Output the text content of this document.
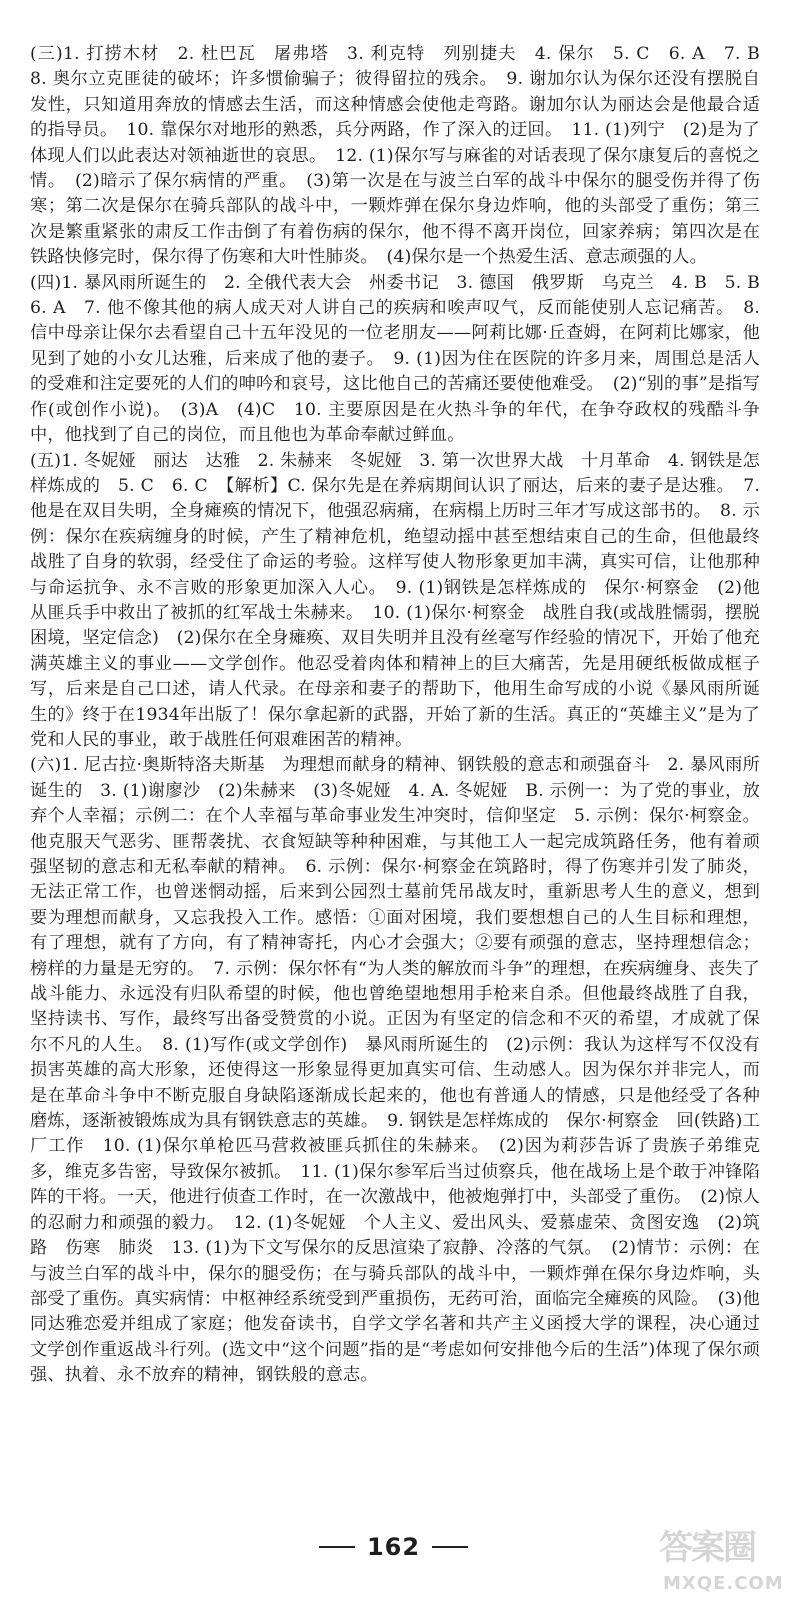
(三)1. 打捞木材　2. 杜巴瓦　屠弗塔　3. 利克特　列别捷夫　4. 保尔　5. C　6. A　7. B　8. 奥尔立克匪徒的破坏；许多惯偷骗子；彼得留拉的残余。　9. 谢加尔认为保尔还没有摆脱自发性，只知道用奔放的情感去生活，而这种情感会使他走弯路。谢加尔认为丽达会是他最合适的指导员。　10. 靠保尔对地形的熟悉，兵分两路，作了深入的迂回。　11. (1)列宁　(2)是为了体现人们以此表达对领袖逝世的哀思。　12. (1)保尔写与麻雀的对话表现了保尔康复后的喜悦之情。　(2)暗示了保尔病情的严重。　(3)第一次是在与波兰白军的战斗中保尔的腿受伤并得了伤寒；第二次是保尔在骑兵部队的战斗中，一颗炸弹在保尔身边炸响，他的头部受了重伤；第三次是繁重紧张的肃反工作击倒了有着伤病的保尔，他不得不离开岗位，回家养病；第四次是在铁路快修完时，保尔得了伤寒和大叶性肺炎。　(4)保尔是一个热爱生活、意志顽强的人。

(四)1. 暴风雨所诞生的　2. 全俄代表大会　州委书记　3. 德国　俄罗斯　乌克兰　4. B　5. B　6. A　7. 他不像其他的病人成天对人讲自己的疾病和唉声叹气，反而能使别人忘记痛苦。　8. 信中母亲让保尔去看望自己十五年没见的一位老朋友——阿莉比娜·丘查姆，在阿莉比娜家，他见到了她的小女儿达雅，后来成了他的妻子。　9. (1)因为住在医院的许多月来，周围总是活人的受难和注定要死的人们的呻吟和哀号，这比他自己的苦痛还要使他难受。　(2)“别的事”是指写作(或创作小说)。　(3)A　(4)C　10. 主要原因是在火热斗争的年代，在争夺政权的残酷斗争中，他找到了自己的岗位，而且他也为革命奉献过鲜血。

(五)1. 冬妮娅　丽达　达雅　2. 朱赫来　冬妮娅　3. 第一次世界大战　十月革命　4. 钢铁是怎样炼成的　5. C　6. C　【解析】C. 保尔先是在养病期间认识了丽达，后来的妻子是达雅。　7. 他是在双目失明，全身瘫痪的情况下，他强忍病痛，在病榻上历时三年才写成这部书的。　8. 示例：保尔在疾病缠身的时候，产生了精神危机，绝望动摇中甚至想结束自己的生命，但他最终战胜了自身的软弱，经受住了命运的考验。这样写使人物形象更加丰满，真实可信，让他那种与命运抗争、永不言败的形象更加深入人心。　9. (1)钢铁是怎样炼成的　保尔·柯察金　(2)他从匪兵手中救出了被抓的红军战士朱赫来。　10. (1)保尔·柯察金　战胜自我(或战胜懦弱，摆脱困境，坚定信念)　(2)保尔在全身瘫痪、双目失明并且没有丝毫写作经验的情况下，开始了他充满英雄主义的事业——文学创作。他忍受着肉体和精神上的巨大痛苦，先是用硬纸板做成框子写，后来是自己口述，请人代录。在母亲和妻子的帮助下，他用生命写成的小说《暴风雨所诞生的》终于在1934年出版了！保尔拿起新的武器，开始了新的生活。真正的“英雄主义”是为了党和人民的事业，敢于战胜任何艰难困苦的精神。

(六)1. 尼古拉·奥斯特洛夫斯基　为理想而献身的精神、钢铁般的意志和顽强奋斗　2. 暴风雨所诞生的　3. (1)谢廖沙　(2)朱赫来　(3)冬妮娅　4. A. 冬妮娅　B. 示例一：为了党的事业，放弃个人幸福；示例二：在个人幸福与革命事业发生冲突时，信仰坚定　5. 示例：保尔·柯察金。他克服天气恶劣、匪帮袭扰、衣食短缺等种种困难，与其他工人一起完成筑路任务，他有着顽强坚韧的意志和无私奉献的精神。　6. 示例：保尔·柯察金在筑路时，得了伤寒并引发了肺炎，无法正常工作，也曾迷惘动摇，后来到公园烈士墓前凭吊战友时，重新思考人生的意义，想到要为理想而献身，又忘我投入工作。感悟：①面对困境，我们要想想自己的人生目标和理想，有了理想，就有了方向，有了精神寄托，内心才会强大；②要有顽强的意志，坚持理想信念；榜样的力量是无穷的。　7. 示例：保尔怀有“为人类的解放而斗争”的理想，在疾病缠身、丧失了战斗能力、永远没有归队希望的时候，他也曾绝望地想用手枪来自杀。但他最终战胜了自我，坚持读书、写作，最终写出备受赞赏的小说。正因为有坚定的信念和不灭的希望，才成就了保尔不凡的人生。　8. (1)写作(或文学创作)　暴风雨所诞生的　(2)示例：我认为这样写不仅没有损害英雄的高大形象，还使得这一形象显得更加真实可信、生动感人。因为保尔并非完人，而是在革命斗争中不断克服自身缺陷逐渐成长起来的，他也有普通人的情感，只是他经受了各种磨炼，逐渐被锻炼成为具有钢铁意志的英雄。　9. 钢铁是怎样炼成的　保尔·柯察金　回(铁路)工厂工作　10. (1)保尔单枪匹马营救被匪兵抓住的朱赫来。　(2)因为莉莎告诉了贵族子弟维克多，维克多告密，导致保尔被抓。　11. (1)保尔参军后当过侦察兵，他在战场上是个敢于冲锋陷阵的干将。一天，他进行侦查工作时，在一次激战中，他被炮弹打中，头部受了重伤。　(2)惊人的忍耐力和顽强的毅力。　12. (1)冬妮娅　个人主义、爱出风头、爱慕虚荣、贪图安逸　(2)筑路　伤寒　肺炎　13. (1)为下文写保尔的反思渲染了寂静、冷落的气氛。　(2)情节：示例：在与波兰白军的战斗中，保尔的腿受伤；在与骑兵部队的战斗中，一颗炸弹在保尔身边炸响，头部受了重伤。真实病情：中枢神经系统受到严重损伤，无药可治，面临完全瘫痪的风险。　(3)他同达雅恋爱并组成了家庭；他发奋读书，自学文学名著和共产主义函授大学的课程，决心通过文学创作重返战斗行列。(选文中“这个问题”指的是“考虑如何安排他今后的生活”)体现了保尔顽强、执着、永不放弃的精神，钢铁般的意志。

162	答案圈
MXQE.COM
